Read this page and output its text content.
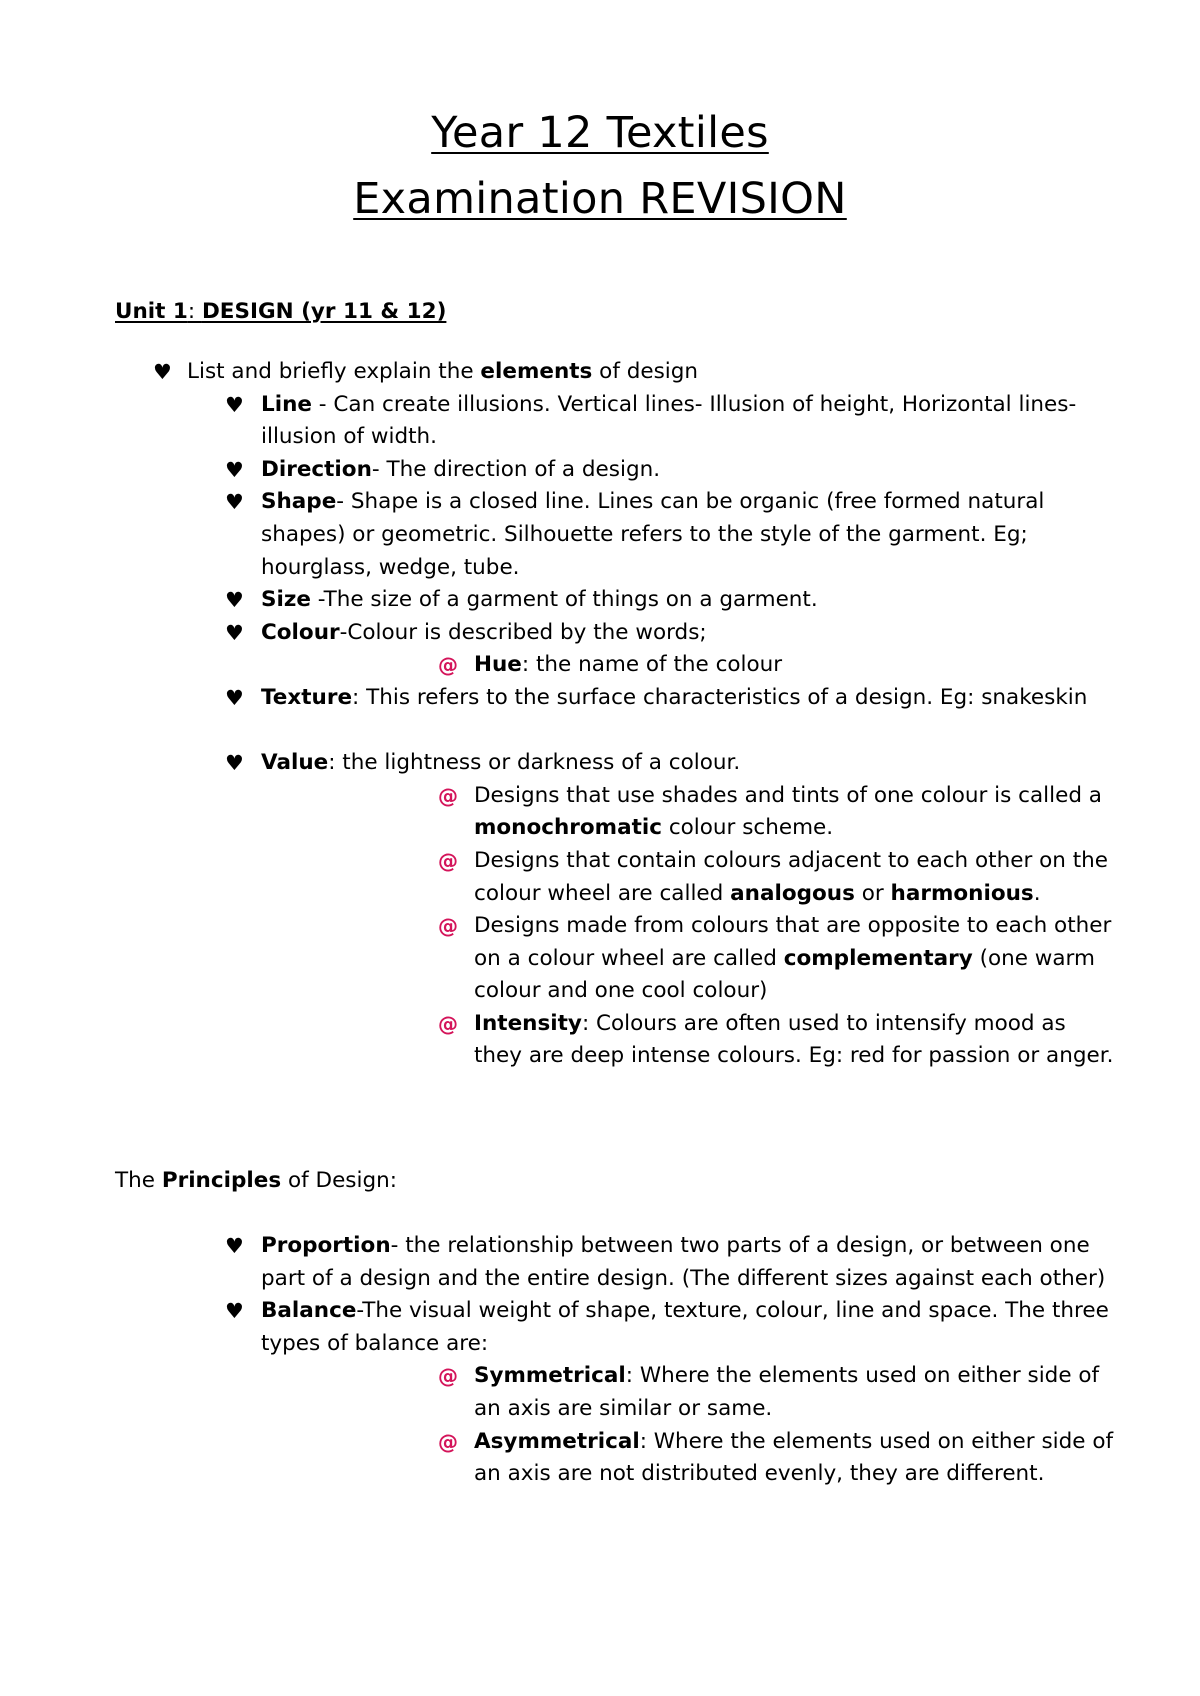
Year 12 Textiles
Examination REVISION
Unit 1: DESIGN (yr 11 & 12)
♥ List and briefly explain the elements of design
♥ Line - Can create illusions. Vertical lines- Illusion of height, Horizontal lines- illusion of width.
♥ Direction- The direction of a design.
♥ Shape- Shape is a closed line. Lines can be organic (free formed natural shapes) or geometric. Silhouette refers to the style of the garment. Eg; hourglass, wedge, tube.
♥ Size -The size of a garment of things on a garment.
♥ Colour-Colour is described by the words;
@ Hue: the name of the colour
♥ Texture: This refers to the surface characteristics of a design. Eg: snakeskin
♥ Value: the lightness or darkness of a colour.
@ Designs that use shades and tints of one colour is called a monochromatic colour scheme.
@ Designs that contain colours adjacent to each other on the colour wheel are called analogous or harmonious.
@ Designs made from colours that are opposite to each other on a colour wheel are called complementary (one warm colour and one cool colour)
@ Intensity: Colours are often used to intensify mood as they are deep intense colours. Eg: red for passion or anger.
The Principles of Design:
♥ Proportion- the relationship between two parts of a design, or between one part of a design and the entire design. (The different sizes against each other)
♥ Balance-The visual weight of shape, texture, colour, line and space. The three types of balance are:
@ Symmetrical: Where the elements used on either side of an axis are similar or same.
@ Asymmetrical: Where the elements used on either side of an axis are not distributed evenly, they are different.
